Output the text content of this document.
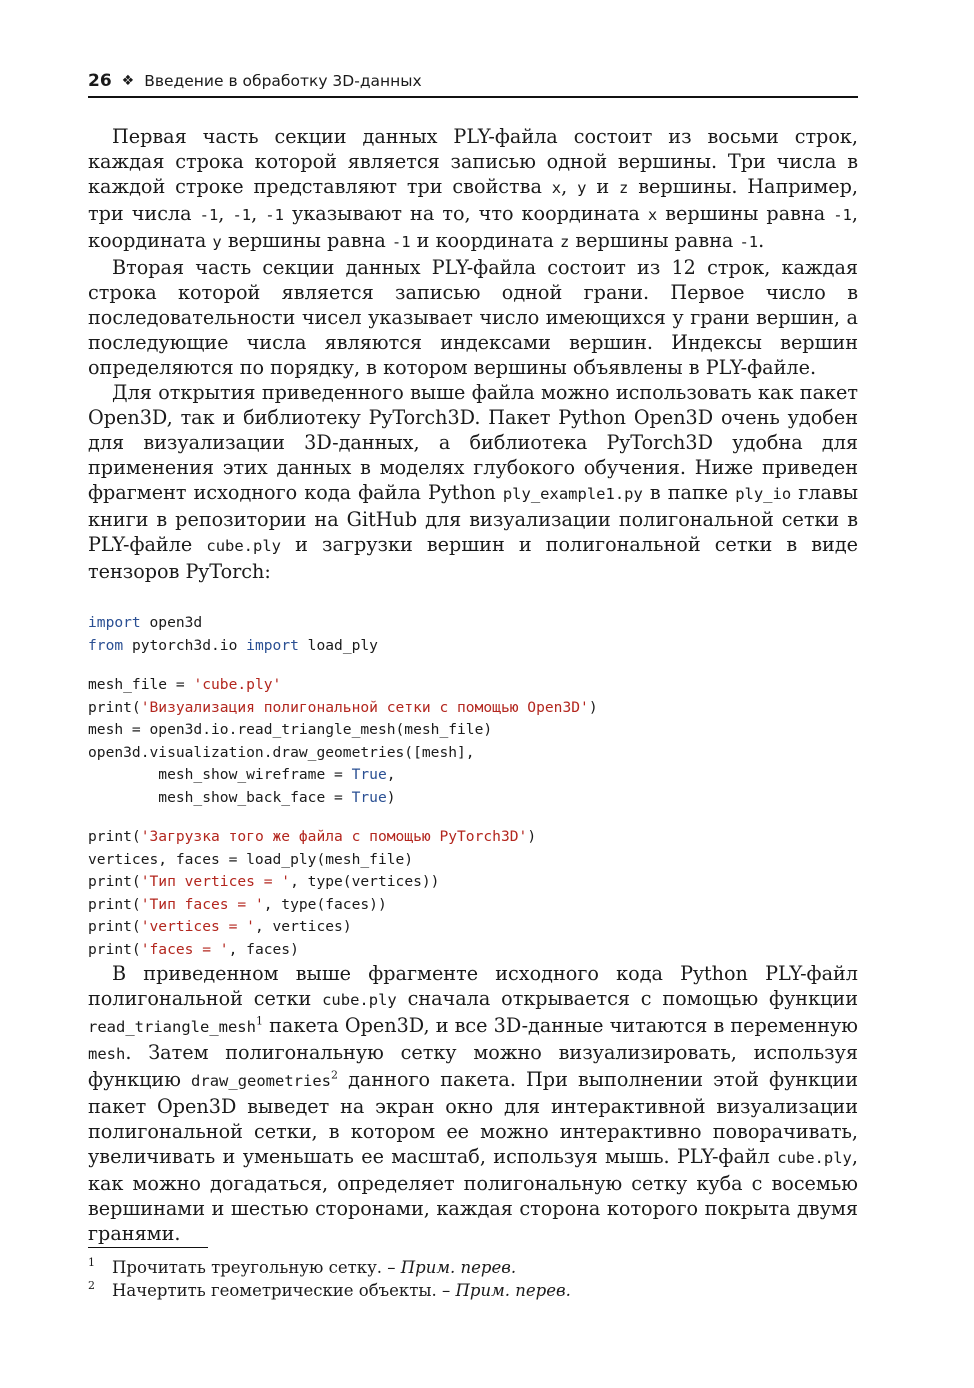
26 ❖ Введение в обработку 3D-данных

Первая часть секции данных PLY-файла состоит из восьми строк, каждая строка которой является записью одной вершины. Три числа в каждой строке представляют три свойства x, y и z вершины. Например, три числа -1, -1, -1 указывают на то, что координата x вершины равна -1, координата y вершины равна -1 и координата z вершины равна -1.

Вторая часть секции данных PLY-файла состоит из 12 строк, каждая строка которой является записью одной грани. Первое число в последовательности чисел указывает число имеющихся у грани вершин, а последующие числа являются индексами вершин. Индексы вершин определяются по порядку, в котором вершины объявлены в PLY-файле.

Для открытия приведенного выше файла можно использовать как пакет Open3D, так и библиотеку PyTorch3D. Пакет Python Open3D очень удобен для визуализации 3D-данных, а библиотека PyTorch3D удобна для применения этих данных в моделях глубокого обучения. Ниже приведен фрагмент исходного кода файла Python ply_example1.py в папке ply_io главы книги в репозитории на GitHub для визуализации полигональной сетки в PLY-файле cube.ply и загрузки вершин и полигональной сетки в виде тензоров PyTorch:

import open3d
from pytorch3d.io import load_ply
mesh_file = 'cube.ply'
print('Визуализация полигональной сетки с помощью Open3D')
mesh = open3d.io.read_triangle_mesh(mesh_file)
open3d.visualization.draw_geometries([mesh],
mesh_show_wireframe = True,
mesh_show_back_face = True)
print('Загрузка того же файла с помощью PyTorch3D')
vertices, faces = load_ply(mesh_file)
print('Тип vertices = ', type(vertices))
print('Тип faces = ', type(faces))
print('vertices = ', vertices)
print('faces = ', faces)

В приведенном выше фрагменте исходного кода Python PLY-файл полигональной сетки cube.ply сначала открывается с помощью функции read_triangle_mesh$^1$ пакета Open3D, и все 3D-данные читаются в переменную mesh. Затем полигональную сетку можно визуализировать, используя функцию draw_geometries$^2$ данного пакета. При выполнении этой функции пакет Open3D выведет на экран окно для интерактивной визуализации полигональной сетки, в котором ее можно интерактивно поворачивать, увеличивать и уменьшать ее масштаб, используя мышь. PLY-файл cube.ply, как можно догадаться, определяет полигональную сетку куба с восемью вершинами и шестью сторонами, каждая сторона которого покрыта двумя гранями.

1	Прочитать треугольную сетку. – Прим. перев.
2	Начертить геометрические объекты. – Прим. перев.
